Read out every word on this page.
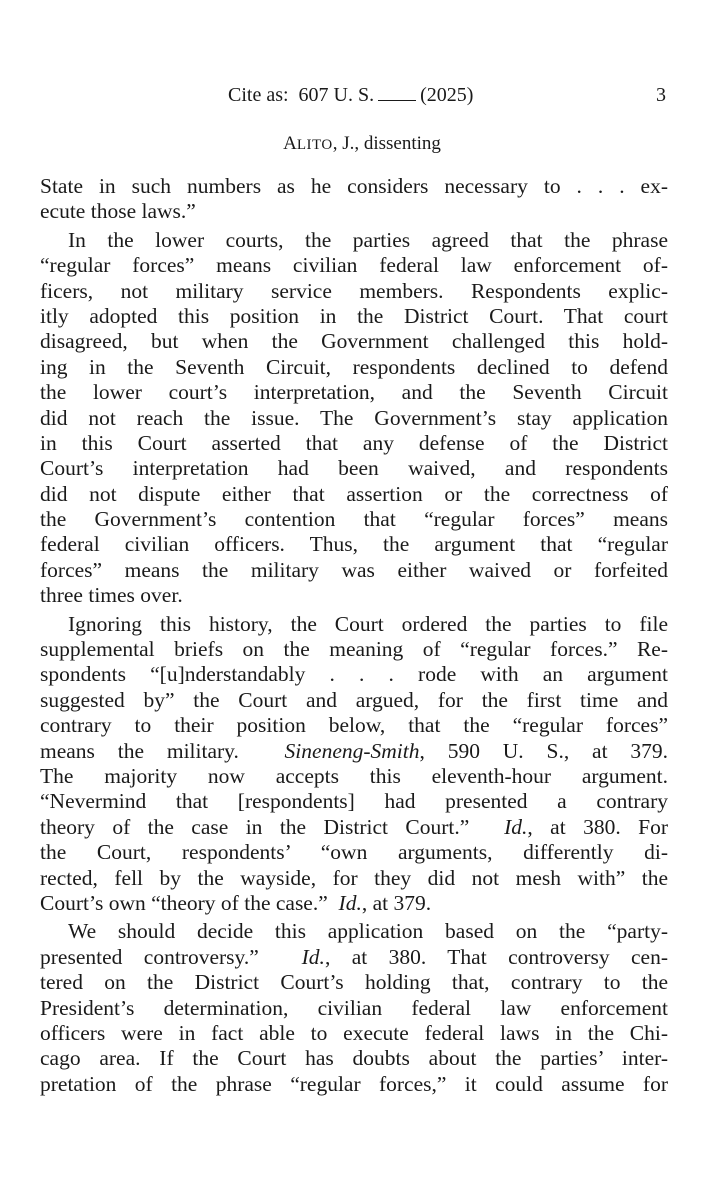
Cite as:  607 U. S. (2025)	3
ALITO, J., dissenting
State in such numbers as he considers necessary to . . . ex-
ecute those laws.”
In the lower courts, the parties agreed that the phrase
“regular forces” means civilian federal law enforcement of-
ficers, not military service members. Respondents explic-
itly adopted this position in the District Court. That court
disagreed, but when the Government challenged this hold-
ing in the Seventh Circuit, respondents declined to defend
the lower court’s interpretation, and the Seventh Circuit
did not reach the issue. The Government’s stay application
in this Court asserted that any defense of the District
Court’s interpretation had been waived, and respondents
did not dispute either that assertion or the correctness of
the Government’s contention that “regular forces” means
federal civilian officers. Thus, the argument that “regular
forces” means the military was either waived or forfeited
three times over.
Ignoring this history, the Court ordered the parties to file
supplemental briefs on the meaning of “regular forces.” Re-
spondents “[u]nderstandably . . . rode with an argument
suggested by” the Court and argued, for the first time and
contrary to their position below, that the “regular forces”
means the military. Sineneng-Smith, 590 U. S., at 379.
The majority now accepts this eleventh-hour argument.
“Nevermind that [respondents] had presented a contrary
theory of the case in the District Court.” Id., at 380. For
the Court, respondents’ “own arguments, differently di-
rected, fell by the wayside, for they did not mesh with” the
Court’s own “theory of the case.” Id., at 379.
We should decide this application based on the “party-
presented controversy.” Id., at 380. That controversy cen-
tered on the District Court’s holding that, contrary to the
President’s determination, civilian federal law enforcement
officers were in fact able to execute federal laws in the Chi-
cago area. If the Court has doubts about the parties’ inter-
pretation of the phrase “regular forces,” it could assume for
